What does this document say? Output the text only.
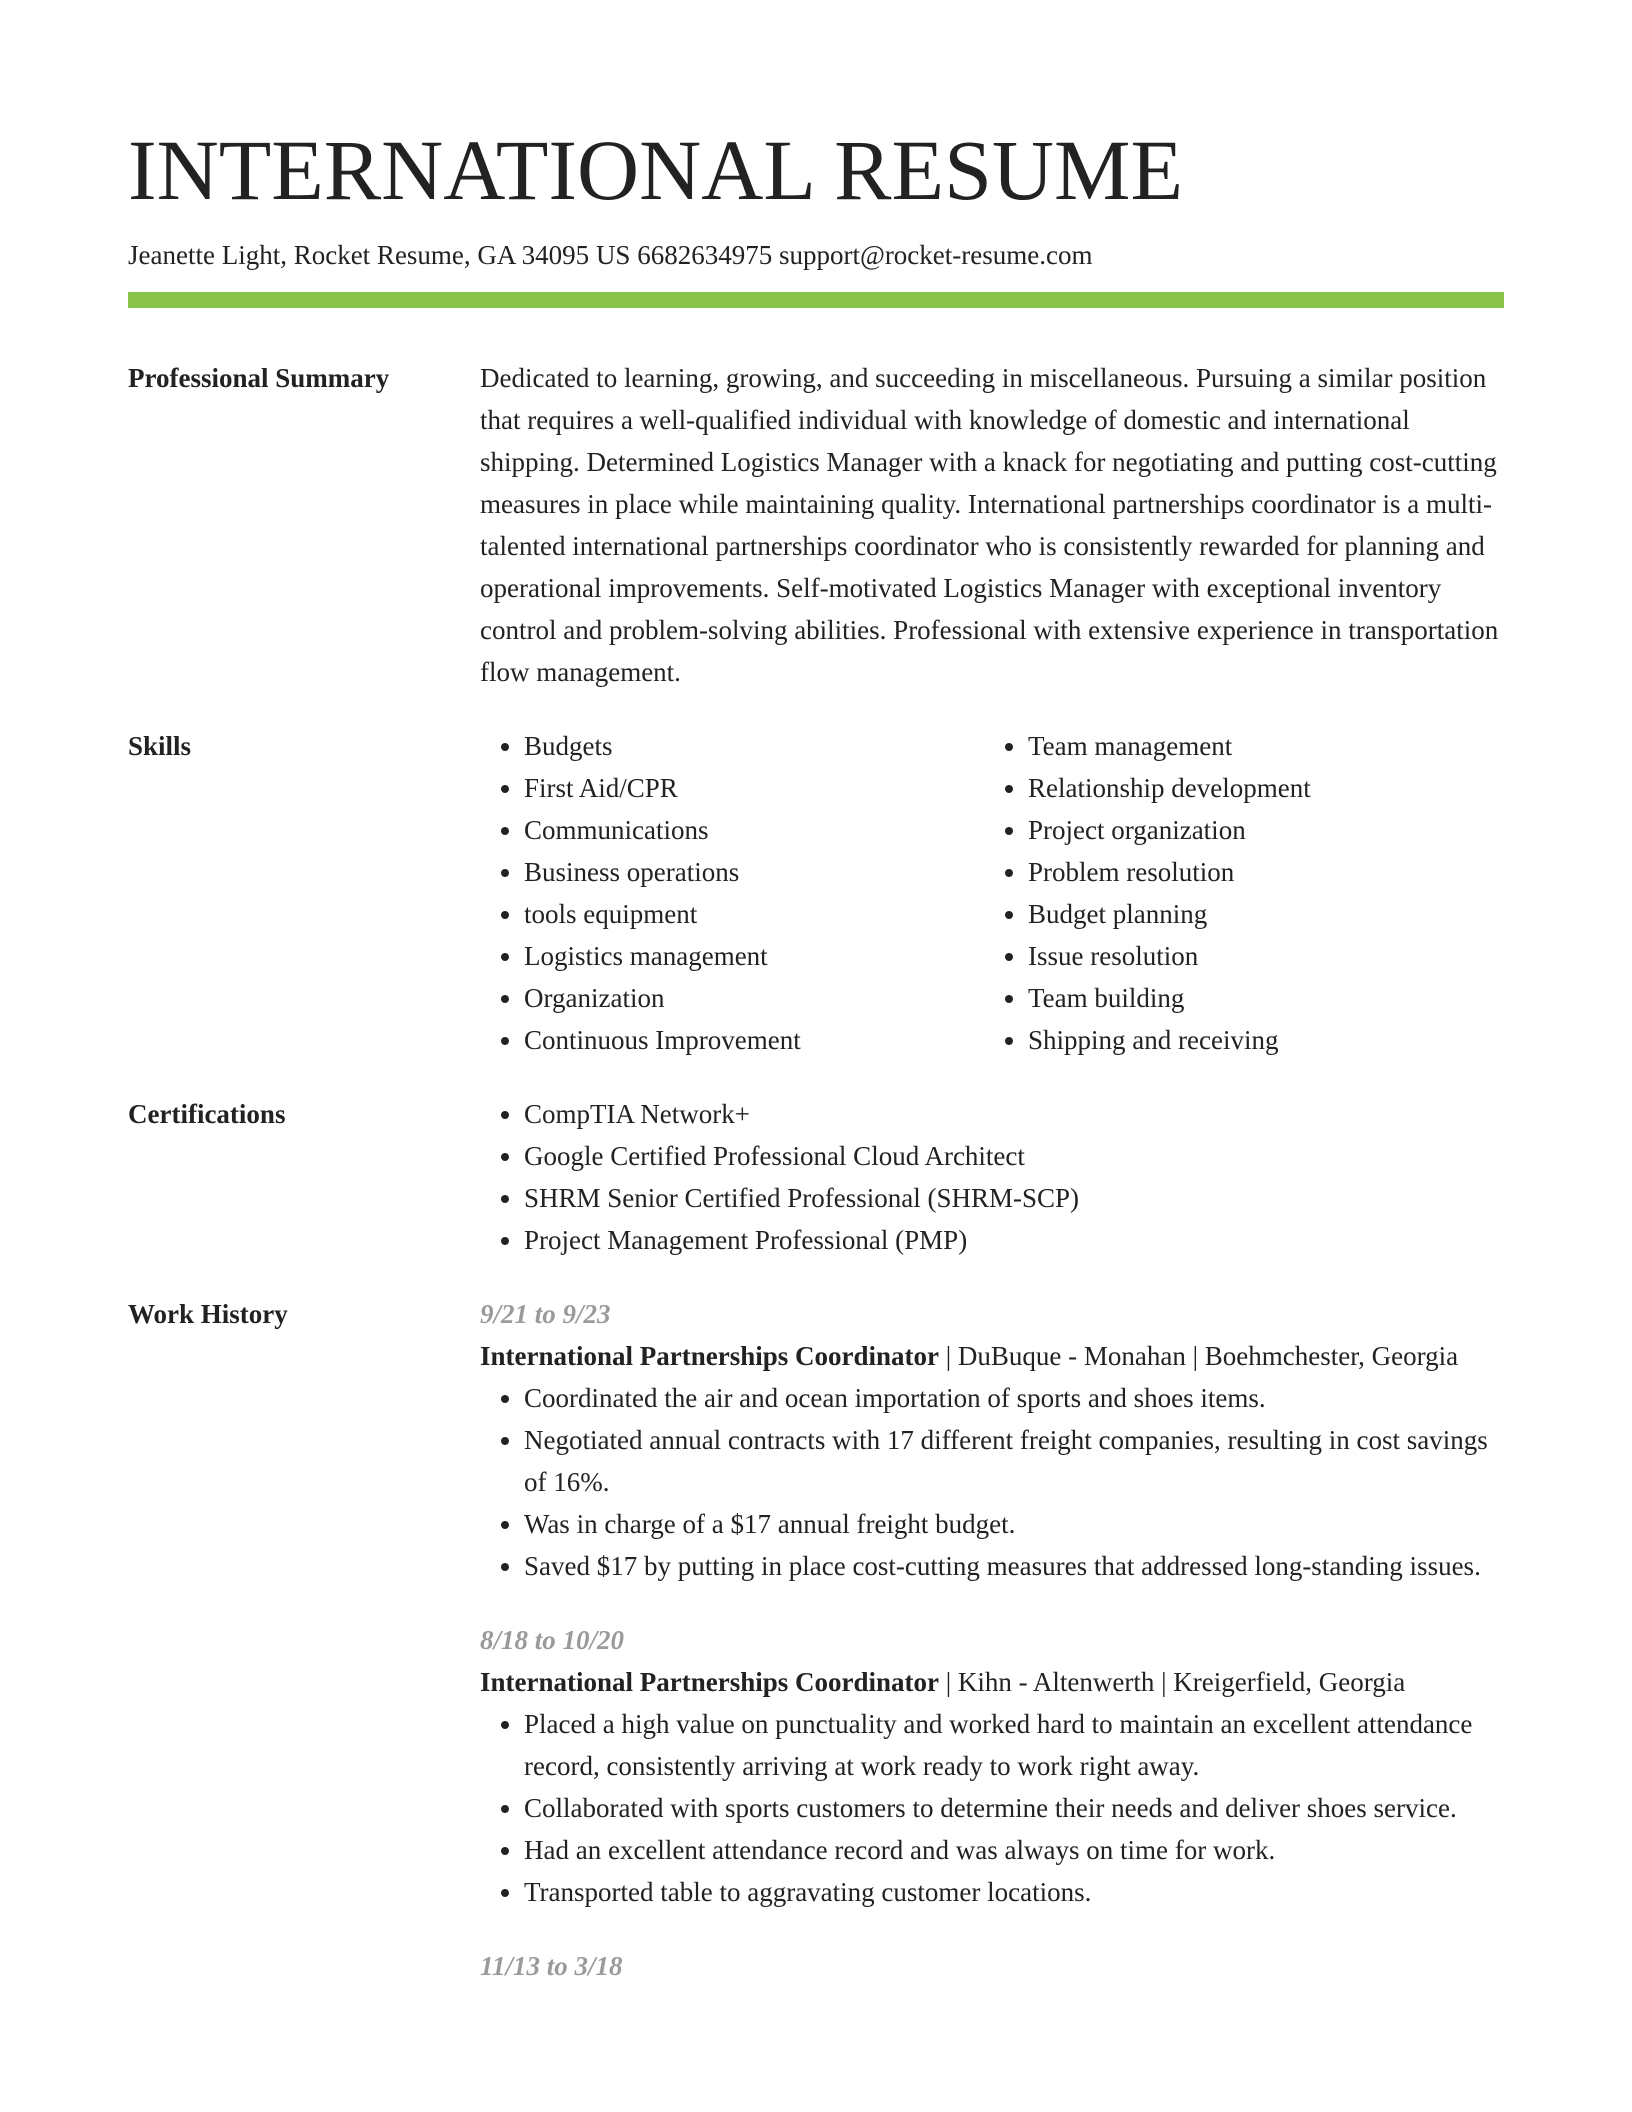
INTERNATIONAL RESUME
Jeanette Light, Rocket Resume, GA 34095 US 6682634975 support@rocket-resume.com
Professional Summary	Dedicated to learning, growing, and succeeding in miscellaneous. Pursuing a similar position that requires a well-qualified individual with knowledge of domestic and international shipping. Determined Logistics Manager with a knack for negotiating and putting cost-cutting measures in place while maintaining quality. International partnerships coordinator is a multi-talented international partnerships coordinator who is consistently rewarded for planning and operational improvements. Self-motivated Logistics Manager with exceptional inventory control and problem-solving abilities. Professional with extensive experience in transportation flow management.
Skills	• Budgets
• First Aid/CPR
• Communications
• Business operations
• tools equipment
• Logistics management
• Organization
• Continuous Improvement
• Team management
• Relationship development
• Project organization
• Problem resolution
• Budget planning
• Issue resolution
• Team building
• Shipping and receiving
Certifications	• CompTIA Network+
• Google Certified Professional Cloud Architect
• SHRM Senior Certified Professional (SHRM-SCP)
• Project Management Professional (PMP)
Work History	9/21 to 9/23
International Partnerships Coordinator | DuBuque - Monahan | Boehmchester, Georgia
• Coordinated the air and ocean importation of sports and shoes items.
• Negotiated annual contracts with 17 different freight companies, resulting in cost savings of 16%.
• Was in charge of a $17 annual freight budget.
• Saved $17 by putting in place cost-cutting measures that addressed long-standing issues.
8/18 to 10/20
International Partnerships Coordinator | Kihn - Altenwerth | Kreigerfield, Georgia
• Placed a high value on punctuality and worked hard to maintain an excellent attendance record, consistently arriving at work ready to work right away.
• Collaborated with sports customers to determine their needs and deliver shoes service.
• Had an excellent attendance record and was always on time for work.
• Transported table to aggravating customer locations.
11/13 to 3/18
